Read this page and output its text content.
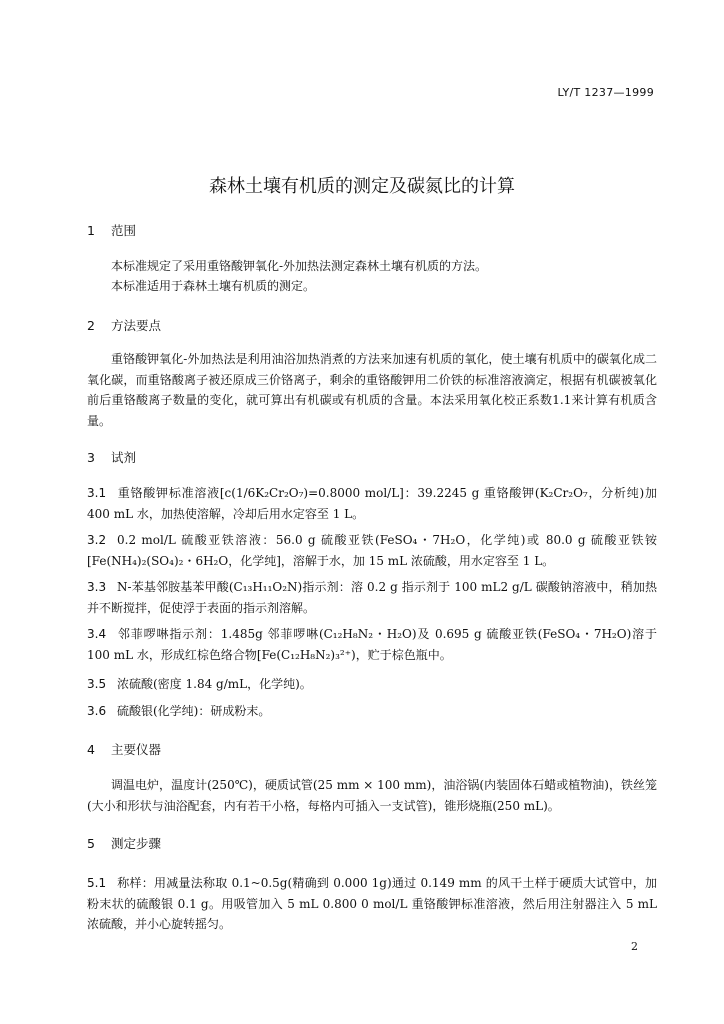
LY/T 1237—1999
森林土壤有机质的测定及碳氮比的计算
1 范围
本标准规定了采用重铬酸钾氧化-外加热法测定森林土壤有机质的方法。
本标准适用于森林土壤有机质的测定。
2 方法要点
重铬酸钾氧化-外加热法是利用油浴加热消煮的方法来加速有机质的氧化，使土壤有机质中的碳氧化成二氧化碳，而重铬酸离子被还原成三价铬离子，剩余的重铬酸钾用二价铁的标准溶液滴定，根据有机碳被氧化前后重铬酸离子数量的变化，就可算出有机碳或有机质的含量。本法采用氧化校正系数1.1来计算有机质含量。
3 试剂
3.1 重铬酸钾标准溶液[c(1/6K₂Cr₂O₇)=0.8000 mol/L]：39.2245 g 重铬酸钾(K₂Cr₂O₇，分析纯)加 400 mL 水，加热使溶解，冷却后用水定容至 1 L。
3.2 0.2 mol/L 硫酸亚铁溶液：56.0 g 硫酸亚铁(FeSO₄・7H₂O，化学纯)或 80.0 g 硫酸亚铁铵[Fe(NH₄)₂(SO₄)₂・6H₂O，化学纯]，溶解于水，加 15 mL 浓硫酸，用水定容至 1 L。
3.3 N-苯基邻胺基苯甲酸(C₁₃H₁₁O₂N)指示剂：溶 0.2 g 指示剂于 100 mL2 g/L 碳酸钠溶液中，稍加热并不断搅拌，促使浮于表面的指示剂溶解。
3.4 邻菲啰啉指示剂：1.485g 邻菲啰啉(C₁₂H₈N₂・H₂O)及 0.695 g 硫酸亚铁(FeSO₄・7H₂O)溶于 100 mL 水，形成红棕色络合物[Fe(C₁₂H₈N₂)₃²⁺)，贮于棕色瓶中。
3.5 浓硫酸(密度 1.84 g/mL，化学纯)。
3.6 硫酸银(化学纯)：研成粉末。
4 主要仪器
调温电炉，温度计(250℃)，硬质试管(25 mm × 100 mm)，油浴锅(内装固体石蜡或植物油)，铁丝笼(大小和形状与油浴配套，内有若干小格，每格内可插入一支试管)，锥形烧瓶(250 mL)。
5 测定步骤
5.1 称样：用减量法称取 0.1~0.5g(精确到 0.000 1g)通过 0.149 mm 的风干土样于硬质大试管中，加粉末状的硫酸银 0.1 g。用吸管加入 5 mL 0.800 0 mol/L 重铬酸钾标准溶液，然后用注射器注入 5 mL 浓硫酸，并小心旋转摇匀。
2
